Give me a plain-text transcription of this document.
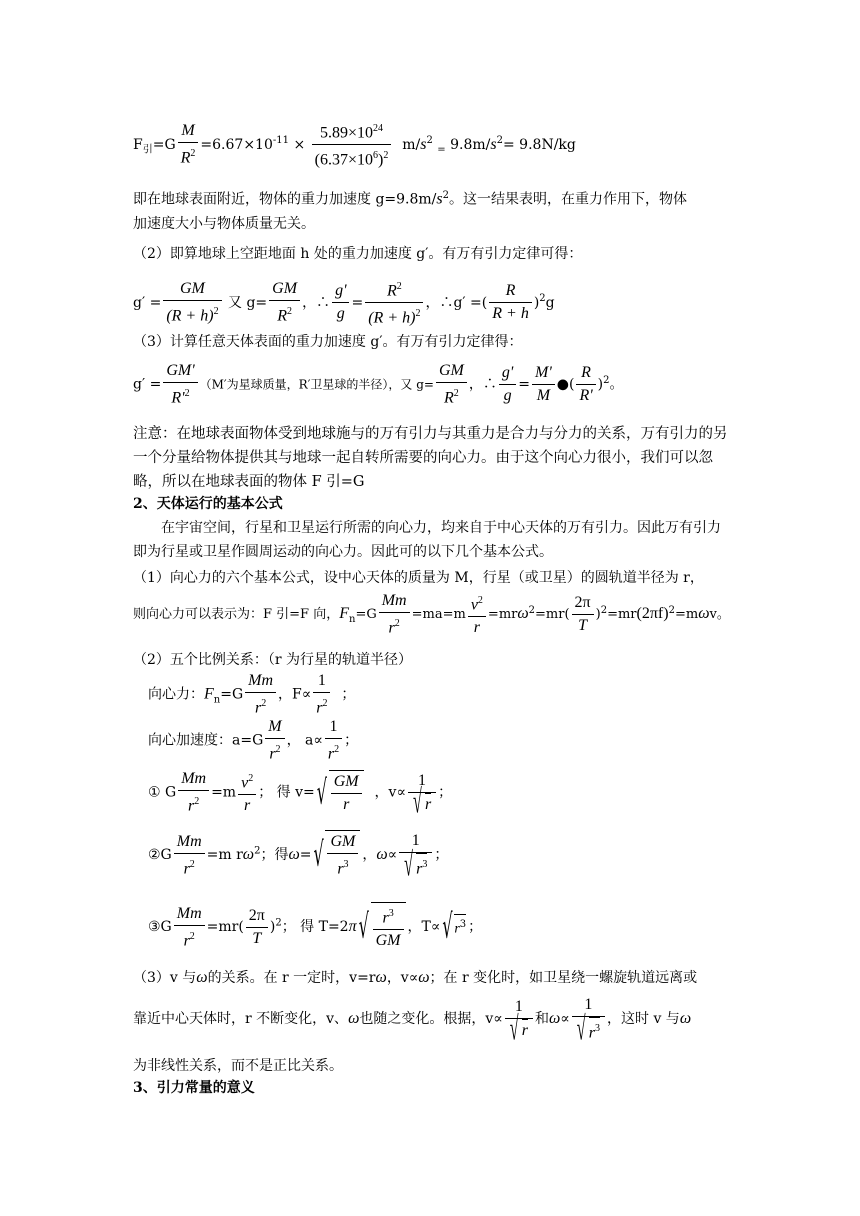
$F_引=G \frac{M}{R^2} =6.67\times 10^{-11} \times \frac{5.89\times 10^{24}}{(6.37\times 10^6)^2} m/s^2$ $_=$ $9.8m/s^2= 9.8N/kg$
即在地球表面附近，物体的重力加速度 $g=9.8m/s^2$。这一结果表明，在重力作用下，物体
加速度大小与物体质量无关。
（2）即算地球上空距地面 h 处的重力加速度 g′。有万有引力定律可得：
$g' = \frac{GM}{(R + h)^2}$ 又 $g= \frac{GM}{R^2}$ ，∴ $\frac{g'}{g} = \frac{R^2}{(R + h)^2}$ ，∴g′ =( $\frac{R}{R + h} )^2g$
（3）计算任意天体表面的重力加速度 g′。有万有引力定律得：
$g' = \frac{GM'}{R'^2} (M'$为星球质量，R′卫星球的半径），又 $g= \frac{GM}{R^2}$ ，∴ $\frac{g'}{g} = \frac{M'}{M}$ ●( $\frac{R}{R'} )^2$。
注意：在地球表面物体受到地球施与的万有引力与其重力是合力与分力的关系，万有引力的另一个分量给物体提供其与地球一起自转所需要的向心力。由于这个向心力很小，我们可以忽略，所以在地球表面的物体 F 引=G
2、天体运行的基本公式
在宇宙空间，行星和卫星运行所需的向心力，均来自于中心天体的万有引力。因此万有引力即为行星或卫星作圆周运动的向心力。因此可的以下几个基本公式。
（1）向心力的六个基本公式，设中心天体的质量为 M，行星（或卫星）的圆轨道半径为 r，
则向心力可以表示为：F 引=F 向，$F_n=G \frac{Mm}{r^2} =ma=m \frac{v^2}{r} =mr\omega^2=mr( \frac{2\pi}{T} )^2=mr(2\pi f)^2=m\omega v$。
（2）五个比例关系：（r 为行星的轨道半径）
向心力：$F_n=G \frac{Mm}{r^2}$ ，$F\propto \frac{1}{r^2}$ ；
向心加速度：$a=G \frac{M}{r^2}$ ， $a\propto \frac{1}{r^2}$ ；
① G $\frac{Mm}{r^2} =m \frac{v^2}{r}$ ； 得 v= √ $\frac{GM}{r}$ ，v∝ 1
√ r ；
②G $\frac{Mm}{r^2} =m$ $r\omega^2$；得ω= √ $\frac{GM}{r^3}$ ，ω∝ 1
√ $r^3$ ；
③G $\frac{Mm}{r^2} =mr( \frac{2\pi}{T} )^2$； 得 T=2π √ $\frac{r^3}{GM}$ ，T∝ √ $r^3$ ；
（3）v 与ω的关系。在 r 一定时，v=rω，v∝ω；在 r 变化时，如卫星绕一螺旋轨道远离或
靠近中心天体时，r 不断变化，v、ω也随之变化。根据，v∝ 1
√ r 和ω∝ 1
√ $r^3$ ，这时 v 与ω
为非线性关系，而不是正比关系。
3、引力常量的意义
